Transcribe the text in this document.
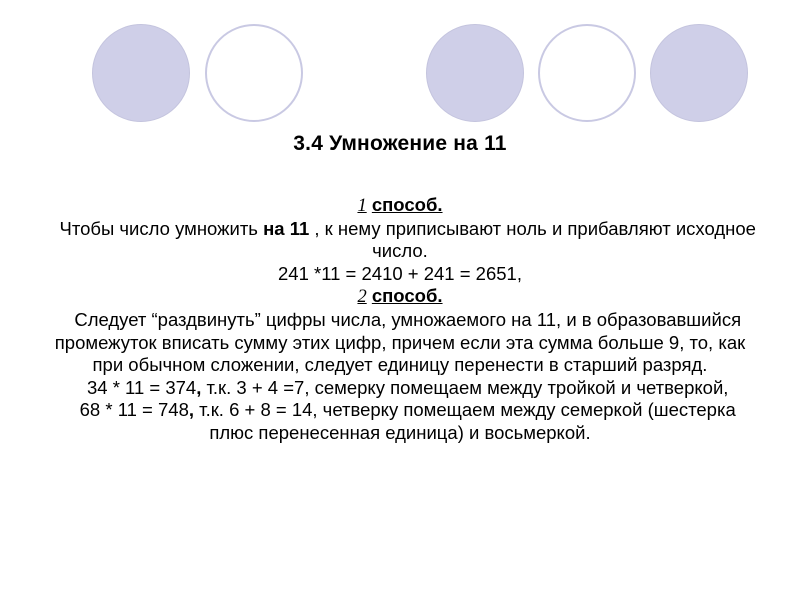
3.4 Умножение на 11

1 способ.

Чтобы число умножить на 11 , к нему приписывают ноль и прибавляют исходное число.

241 *11 = 2410 + 241 = 2651,

2 способ.

Следует “раздвинуть” цифры числа, умножаемого на 11, и в образовавшийся промежуток вписать сумму этих цифр, причем если эта сумма больше 9, то, как при обычном сложении, следует единицу перенести в старший разряд.

34 * 11 = 374, т.к. 3 + 4 =7, семерку помещаем между тройкой и четверкой,

68 * 11 = 748, т.к. 6 + 8 = 14, четверку помещаем между семеркой (шестерка плюс перенесенная единица) и восьмеркой.
